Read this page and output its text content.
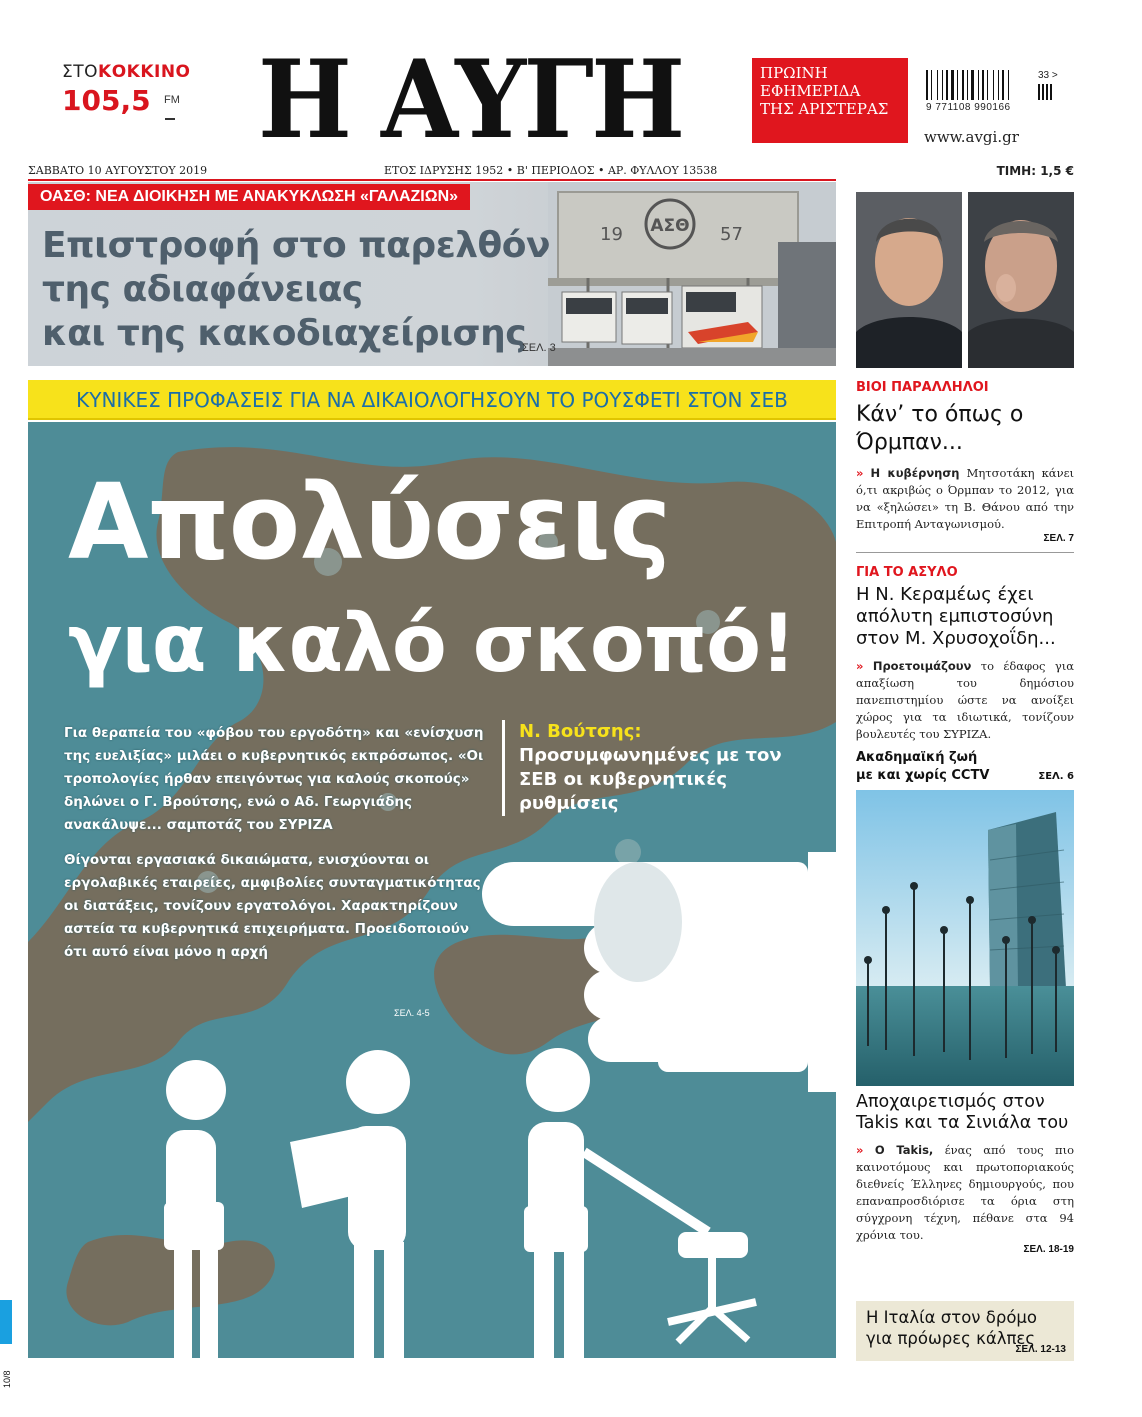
ΣΤΟΚΟΚΚΙΝΟ
105,5	FM Η ΑΥΓΗ	ΠΡΩΙΝΗ
ΕΦΗΜΕΡΙΔΑ
ΤΗΣ ΑΡΙΣΤΕΡΑΣ	9 771108 990166
33 >
www.avgi.gr
ΣΑΒΒΑΤΟ 10 ΑΥΓΟΥΣΤΟΥ 2019	ΕΤΟΣ ΙΔΡΥΣΗΣ 1952 • Β' ΠΕΡΙΟΔΟΣ • ΑΡ. ΦΥΛΛΟΥ 13538	ΤΙΜΗ: 1,5 €
ΑΣΘ
19	57
ΟΑΣΘ: ΝΕΑ ΔΙΟΙΚΗΣΗ ΜΕ ΑΝΑΚΥΚΛΩΣΗ «ΓΑΛΑΖΙΩΝ»
Επιστροφή στο παρελθόν
της αδιαφάνειας
και της κακοδιαχείρισης
ΣΕΛ. 3
ΚΥΝΙΚΕΣ ΠΡΟΦΑΣΕΙΣ ΓΙΑ ΝΑ ΔΙΚΑΙΟΛΟΓΗΣΟΥΝ ΤΟ ΡΟΥΣΦΕΤΙ ΣΤΟΝ ΣΕΒ
Απολύσεις
για καλό σκοπό!

Για θεραπεία του «φόβου του εργοδότη» και «ενίσχυση της ευελιξίας» μιλάει ο κυβερνητικός εκπρόσωπος. «Οι τροπολογίες ήρθαν επειγόντως για καλούς σκοπούς» δηλώνει ο Γ. Βρούτσης, ενώ ο Αδ. Γεωργιάδης ανακάλυψε... σαμποτάζ του ΣΥΡΙΖΑ

Θίγονται εργασιακά δικαιώματα, ενισχύονται οι εργολαβικές εταιρείες, αμφιβολίες συνταγματικότητας οι διατάξεις, τονίζουν εργατολόγοι. Χαρακτηρίζουν αστεία τα κυβερνητικά επιχειρήματα. Προειδοποιούν ότι αυτό είναι μόνο η αρχή

ΣΕΛ. 4-5
Ν. Βούτσης:
Προσυμφωνημένες με τον ΣΕΒ οι κυβερνητικές ρυθμίσεις
ΒΙΟΙ ΠΑΡΑΛΛΗΛΟΙ
Κάν’ το όπως ο Όρμπαν...
» Η κυβέρνηση Μητσοτάκη κάνει ό,τι ακριβώς ο Όρμπαν το 2012, για να «ξηλώσει» τη Β. Θάνου από την Επιτροπή Ανταγωνισμού.
ΣΕΛ. 7
ΓΙΑ ΤΟ ΑΣΥΛΟ
Η Ν. Κεραμέως έχει απόλυτη εμπιστοσύνη στον Μ. Χρυσοχοΐδη...
» Προετοιμάζουν το έδαφος για απαξίωση του δημόσιου πανεπιστημίου ώστε να ανοίξει χώρος για τα ιδιωτικά, τονίζουν βουλευτές του ΣΥΡΙΖΑ.
Ακαδημαϊκή ζωή
με και χωρίς CCTV	ΣΕΛ. 6
Αποχαιρετισμός στον Takis και τα Σινιάλα του
» Ο Takis, ένας από τους πιο καινοτόμους και πρωτοποριακούς διεθνείς Έλληνες δημιουργούς, που επαναπροσδιόρισε τα όρια στη σύγχρονη τέχνη, πέθανε στα 94 χρόνια του.
ΣΕΛ. 18-19
Η Ιταλία στον δρόμο για πρόωρες κάλπες
ΣΕΛ. 12-13
10/8
